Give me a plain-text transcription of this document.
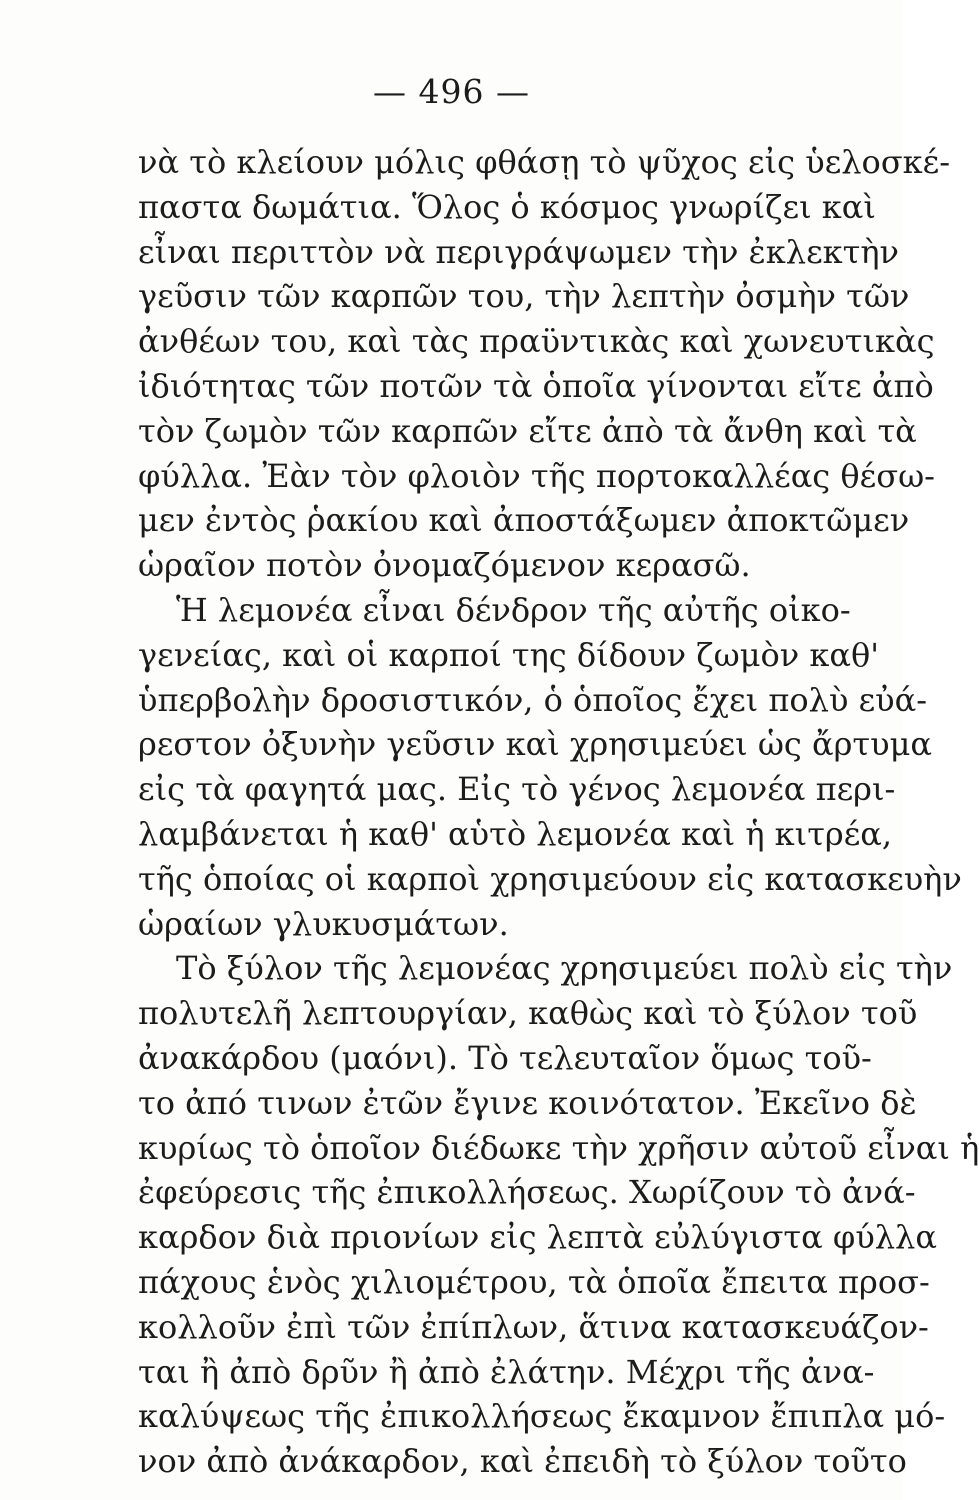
— 496 —
νὰ τὸ κλείουν μόλις φθάσῃ τὸ ψῦχος εἰς ὑελοσκέ-
παστα δωμάτια. Ὅλος ὁ κόσμος γνωρίζει καὶ
εἶναι περιττὸν νὰ περιγράψωμεν τὴν ἐκλεκτὴν
γεῦσιν τῶν καρπῶν του, τὴν λεπτὴν ὀσμὴν τῶν
ἀνθέων του, καὶ τὰς πραϋντικὰς καὶ χωνευτικὰς
ἰδιότητας τῶν ποτῶν τὰ ὁποῖα γίνονται εἴτε ἀπὸ
τὸν ζωμὸν τῶν καρπῶν εἴτε ἀπὸ τὰ ἄνθη καὶ τὰ
φύλλα. Ἐὰν τὸν φλοιὸν τῆς πορτοκαλλέας θέσω-
μεν ἐντὸς ῥακίου καὶ ἀποστάξωμεν ἀποκτῶμεν
ὡραῖον ποτὸν ὀνομαζόμενον κερασῶ.
Ἡ λεμονέα εἶναι δένδρον τῆς αὐτῆς οἰκο-
γενείας, καὶ οἱ καρποί της δίδουν ζωμὸν καθ'
ὑπερβολὴν δροσιστικόν, ὁ ὁποῖος ἔχει πολὺ εὐά-
ρεστον ὀξυνὴν γεῦσιν καὶ χρησιμεύει ὡς ἄρτυμα
εἰς τὰ φαγητά μας. Εἰς τὸ γένος λεμονέα περι-
λαμβάνεται ἡ καθ' αὑτὸ λεμονέα καὶ ἡ κιτρέα,
τῆς ὁποίας οἱ καρποὶ χρησιμεύουν εἰς κατασκευὴν
ὡραίων γλυκυσμάτων.
Τὸ ξύλον τῆς λεμονέας χρησιμεύει πολὺ εἰς τὴν
πολυτελῆ λεπτουργίαν, καθὼς καὶ τὸ ξύλον τοῦ
ἀνακάρδου (μαόνι). Τὸ τελευταῖον ὅμως τοῦ-
το ἀπό τινων ἐτῶν ἔγινε κοινότατον. Ἐκεῖνο δὲ
κυρίως τὸ ὁποῖον διέδωκε τὴν χρῆσιν αὐτοῦ εἶναι ἡ
ἐφεύρεσις τῆς ἐπικολλήσεως. Χωρίζουν τὸ ἀνά-
καρδον διὰ πριονίων εἰς λεπτὰ εὐλύγιστα φύλλα
πάχους ἑνὸς χιλιομέτρου, τὰ ὁποῖα ἔπειτα προσ-
κολλοῦν ἐπὶ τῶν ἐπίπλων, ἅτινα κατασκευάζον-
ται ἢ ἀπὸ δρῦν ἢ ἀπὸ ἐλάτην. Μέχρι τῆς ἀνα-
καλύψεως τῆς ἐπικολλήσεως ἔκαμνον ἔπιπλα μό-
νον ἀπὸ ἀνάκαρδον, καὶ ἐπειδὴ τὸ ξύλον τοῦτο
